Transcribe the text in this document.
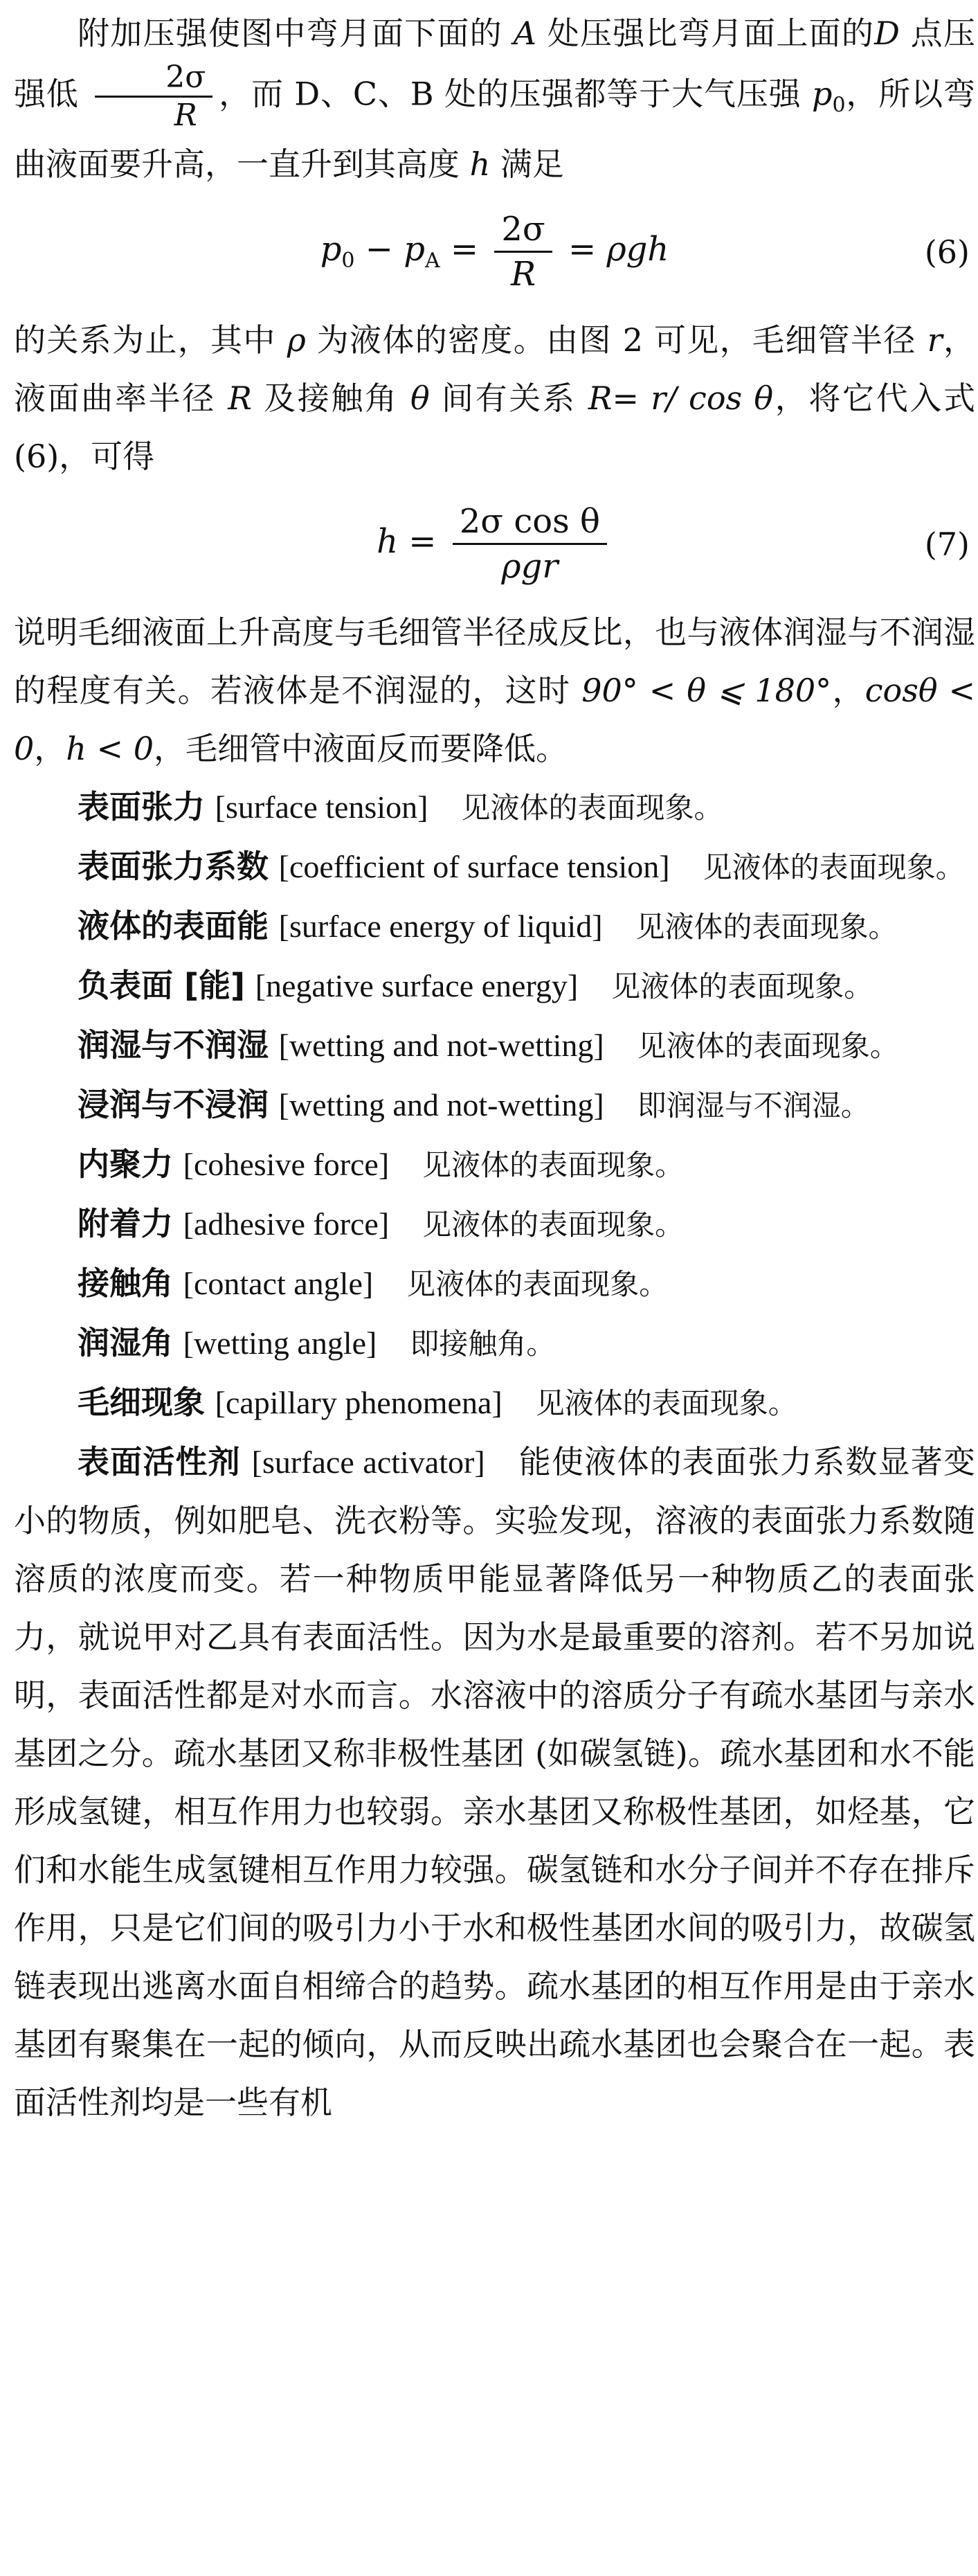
附加压强使图中弯月面下面的 A 处压强比弯月面上面的D 点压强低 $\frac{2\sigma}{R}$ ，而 D、C、B 处的压强都等于大气压强 $p_0$，所以弯曲液面要升高，一直升到其高度 h 满足

$p_0 - p_A = \frac{2\sigma}{R} = \rho gh$	(6)

的关系为止，其中 ρ 为液体的密度。由图 2 可见，毛细管半径 r，液面曲率半径 R 及接触角 θ 间有关系 R= r/ cos θ，将它代入式 (6)，可得

$h = \frac{\text{2σ cos θ}}{\text{ρgr}}$	(7)

说明毛细液面上升高度与毛细管半径成反比，也与液体润湿与不润湿的程度有关。若液体是不润湿的，这时 90° < θ ⩽ 180°，cosθ < 0，h < 0，毛细管中液面反而要降低。

表面张力 [surface tension] 见液体的表面现象。

表面张力系数 [coefficient of surface tension] 见液体的表面现象。

液体的表面能 [surface energy of liquid] 见液体的表面现象。

负表面 [能] [negative surface energy] 见液体的表面现象。

润湿与不润湿 [wetting and not-wetting] 见液体的表面现象。

浸润与不浸润 [wetting and not-wetting] 即润湿与不润湿。

内聚力 [cohesive force] 见液体的表面现象。

附着力 [adhesive force] 见液体的表面现象。

接触角 [contact angle] 见液体的表面现象。

润湿角 [wetting angle] 即接触角。

毛细现象 [capillary phenomena] 见液体的表面现象。

表面活性剂 [surface activator] 能使液体的表面张力系数显著变小的物质，例如肥皂、洗衣粉等。实验发现，溶液的表面张力系数随溶质的浓度而变。若一种物质甲能显著降低另一种物质乙的表面张力，就说甲对乙具有表面活性。因为水是最重要的溶剂。若不另加说明，表面活性都是对水而言。水溶液中的溶质分子有疏水基团与亲水基团之分。疏水基团又称非极性基团 (如碳氢链)。疏水基团和水不能形成氢键，相互作用力也较弱。亲水基团又称极性基团，如烃基，它们和水能生成氢键相互作用力较强。碳氢链和水分子间并不存在排斥作用，只是它们间的吸引力小于水和极性基团水间的吸引力，故碳氢链表现出逃离水面自相缔合的趋势。疏水基团的相互作用是由于亲水基团有聚集在一起的倾向，从而反映出疏水基团也会聚合在一起。表面活性剂均是一些有机
